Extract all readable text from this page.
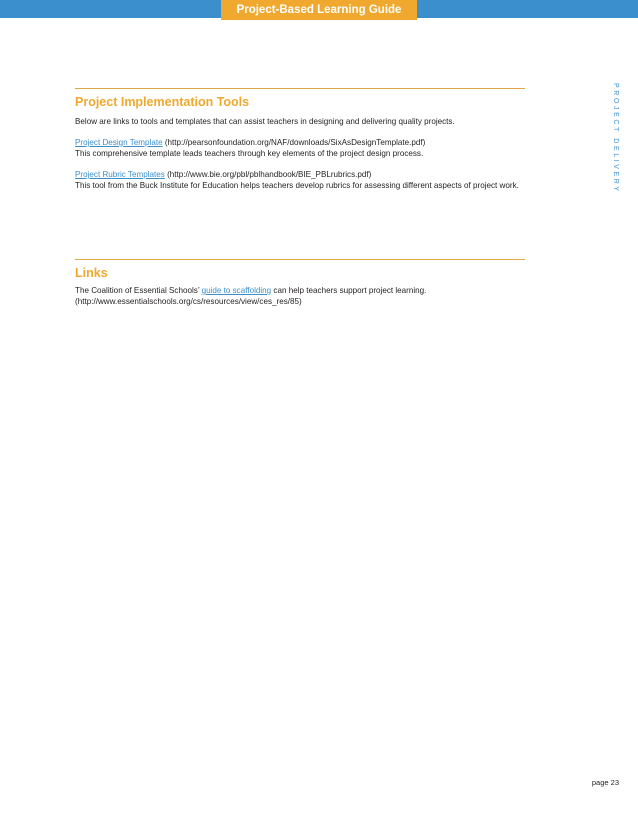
Project-Based Learning Guide
PROJECT DELIVERY
Project Implementation Tools

Below are links to tools and templates that can assist teachers in designing and delivering quality projects.

Project Design Template (http://pearsonfoundation.org/NAF/downloads/SixAsDesignTemplate.pdf)

This comprehensive template leads teachers through key elements of the project design process.

Project Rubric Templates (http://www.bie.org/pbl/pblhandbook/BIE_PBLrubrics.pdf)

This tool from the Buck Institute for Education helps teachers develop rubrics for assessing different aspects of project work.

Links

The Coalition of Essential Schools’ guide to scaffolding can help teachers support project learning.
(http://www.essentialschools.org/cs/resources/view/ces_res/85)

page 23
